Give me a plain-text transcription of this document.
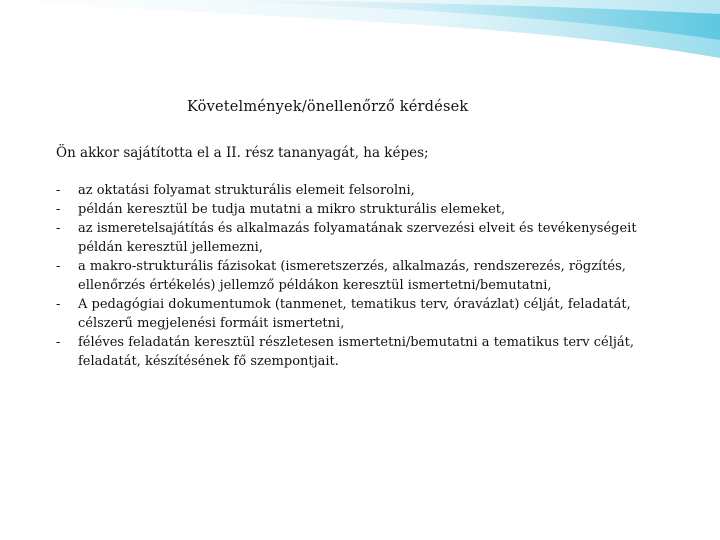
Követelmények/önellenőrző kérdések
Ön akkor sajátította el a II. rész tananyagát, ha képes;
- az oktatási folyamat strukturális elemeit felsorolni,
- példán keresztül be tudja mutatni a mikro strukturális elemeket,
- az ismeretelsajátítás és alkalmazás folyamatának szervezési elveit és tevékenységeit
példán keresztül jellemezni,
- a makro-strukturális fázisokat (ismeretszerzés, alkalmazás, rendszerezés, rögzítés,
ellenőrzés értékelés) jellemző példákon keresztül ismertetni/bemutatni,
- A pedagógiai dokumentumok (tanmenet, tematikus terv, óravázlat) célját, feladatát,
célszerű megjelenési formáit ismertetni,
- féléves feladatán keresztül részletesen ismertetni/bemutatni a tematikus terv célját,
feladatát, készítésének fő szempontjait.
